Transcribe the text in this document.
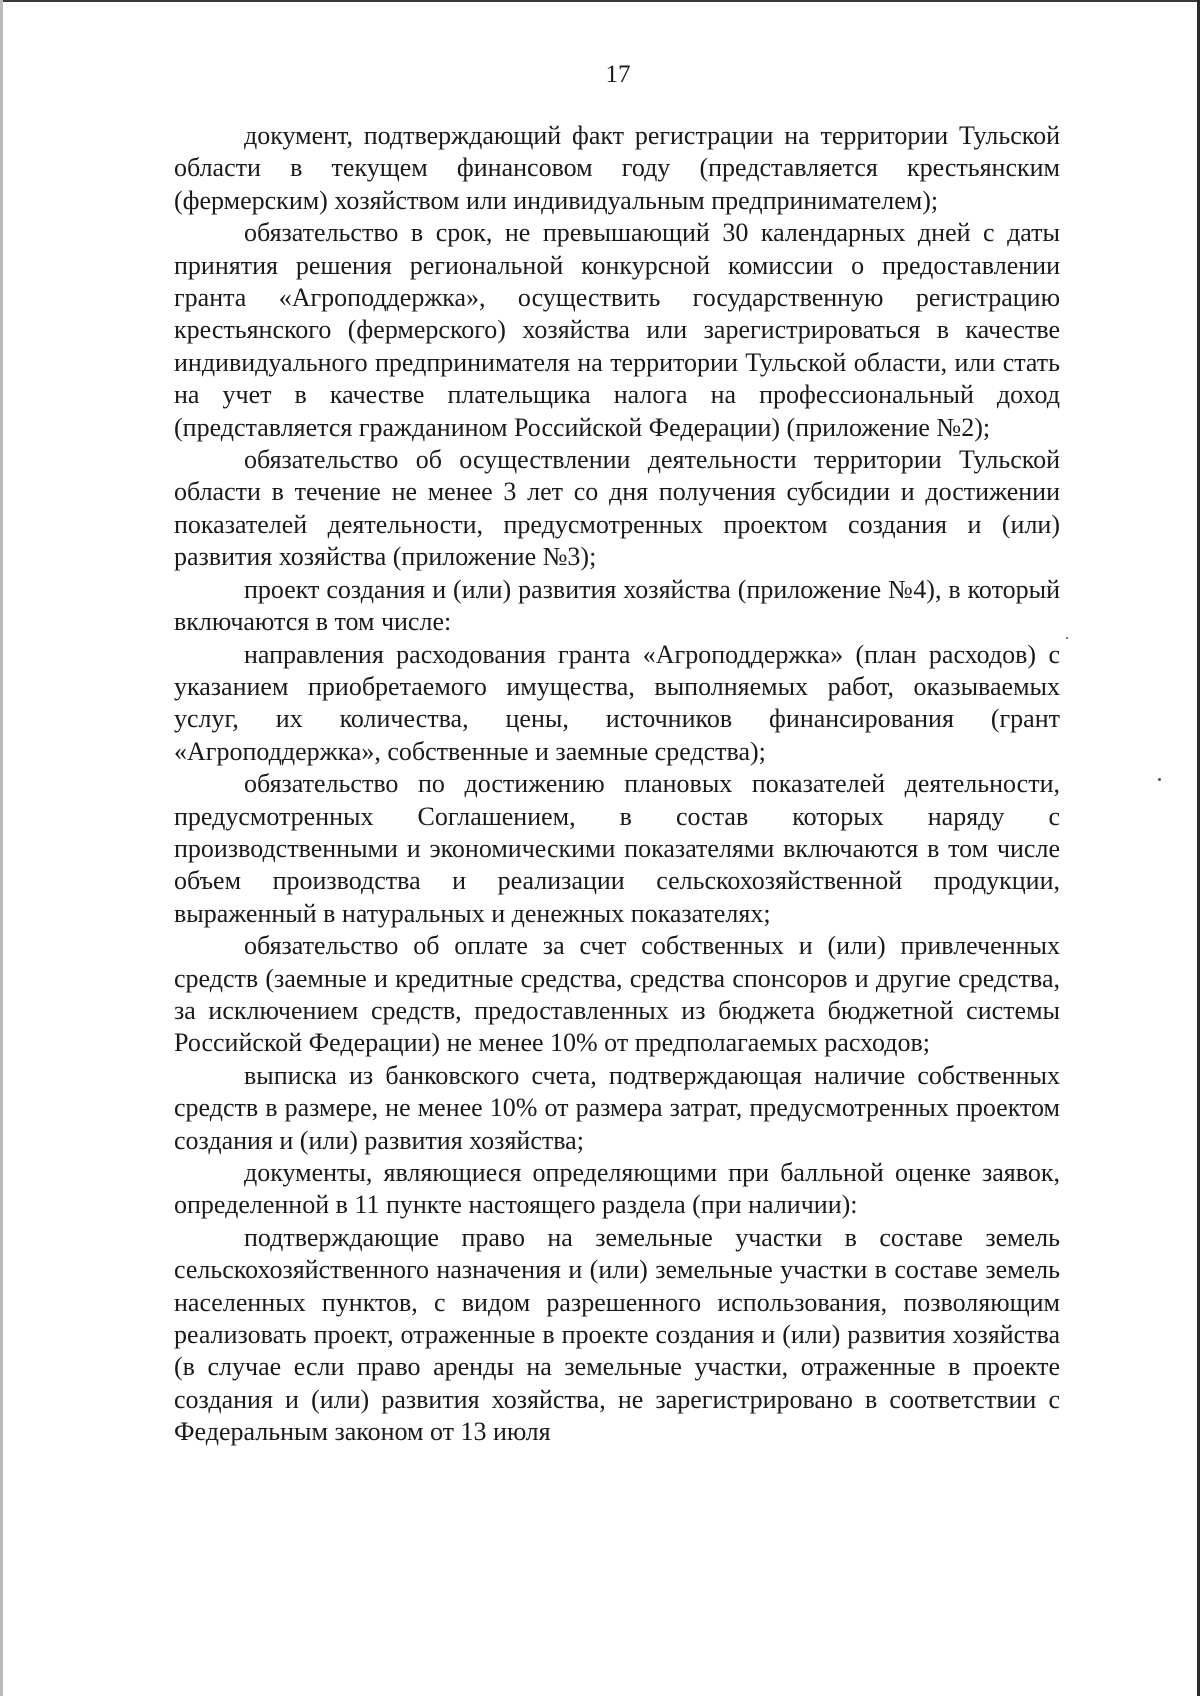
17

документ, подтверждающий факт регистрации на территории Тульской области в текущем финансовом году (представляется крестьянским (фермерским) хозяйством или индивидуальным предпринимателем);

обязательство в срок, не превышающий 30 календарных дней с даты принятия решения региональной конкурсной комиссии о предоставлении гранта «Агроподдержка», осуществить государственную регистрацию крестьянского (фермерского) хозяйства или зарегистрироваться в качестве индивидуального предпринимателя на территории Тульской области, или стать на учет в качестве плательщика налога на профессиональный доход (представляется гражданином Российской Федерации) (приложение №2);

обязательство об осуществлении деятельности территории Тульской области в течение не менее 3 лет со дня получения субсидии и достижении показателей деятельности, предусмотренных проектом создания и (или) развития хозяйства (приложение №3);

проект создания и (или) развития хозяйства (приложение №4), в который включаются в том числе:

направления расходования гранта «Агроподдержка» (план расходов) с указанием приобретаемого имущества, выполняемых работ, оказываемых услуг, их количества, цены, источников финансирования (грант «Агроподдержка», собственные и заемные средства);

обязательство по достижению плановых показателей деятельности, предусмотренных Соглашением, в состав которых наряду с производственными и экономическими показателями включаются в том числе объем производства и реализации сельскохозяйственной продукции, выраженный в натуральных и денежных показателях;

обязательство об оплате за счет собственных и (или) привлеченных средств (заемные и кредитные средства, средства спонсоров и другие средства, за исключением средств, предоставленных из бюджета бюджетной системы Российской Федерации) не менее 10% от предполагаемых расходов;

выписка из банковского счета, подтверждающая наличие собственных средств в размере, не менее 10% от размера затрат, предусмотренных проектом создания и (или) развития хозяйства;

документы, являющиеся определяющими при балльной оценке заявок, определенной в 11 пункте настоящего раздела (при наличии):

подтверждающие право на земельные участки в составе земель сельскохозяйственного назначения и (или) земельные участки в составе земель населенных пунктов, с видом разрешенного использования, позволяющим реализовать проект, отраженные в проекте создания и (или) развития хозяйства (в случае если право аренды на земельные участки, отраженные в проекте создания и (или) развития хозяйства, не зарегистрировано в соответствии с Федеральным законом от 13 июля
